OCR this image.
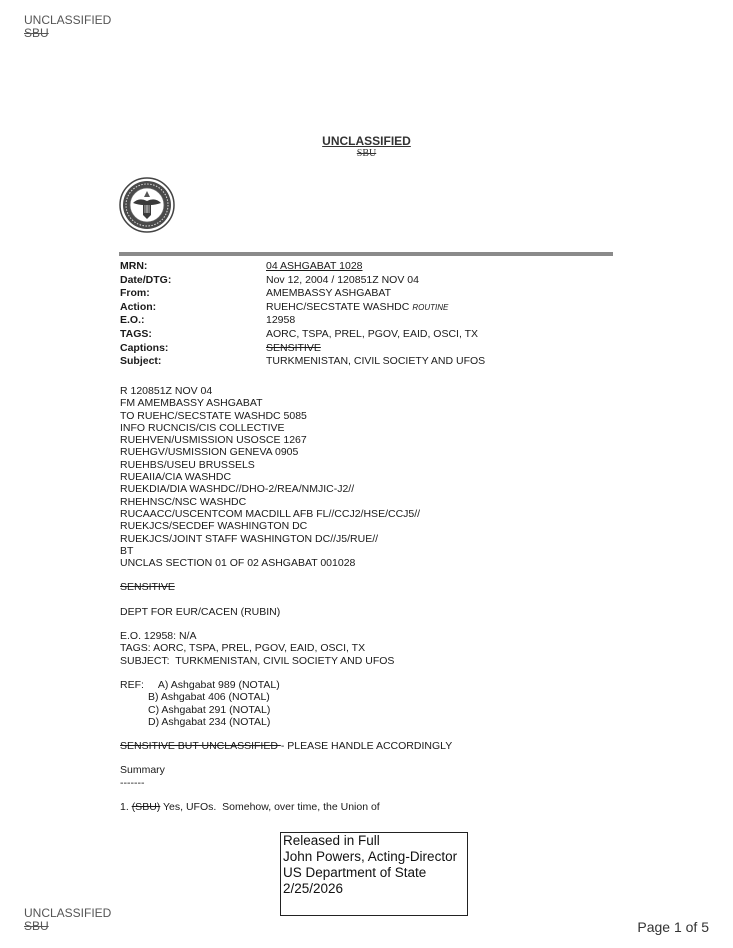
UNCLASSIFIED
SBU
UNCLASSIFIED
SBU
MRN:	04 ASHGABAT 1028
Date/DTG:	Nov 12, 2004 / 120851Z NOV 04
From:	AMEMBASSY ASHGABAT
Action:	RUEHC/SECSTATE WASHDC ROUTINE
E.O.:	12958
TAGS:	AORC, TSPA, PREL, PGOV, EAID, OSCI, TX
Captions:	SENSITIVE
Subject:	TURKMENISTAN, CIVIL SOCIETY AND UFOS
R 120851Z NOV 04
FM AMEMBASSY ASHGABAT
TO RUEHC/SECSTATE WASHDC 5085
INFO RUCNCIS/CIS COLLECTIVE
RUEHVEN/USMISSION USOSCE 1267
RUEHGV/USMISSION GENEVA 0905
RUEHBS/USEU BRUSSELS
RUEAIIA/CIA WASHDC
RUEKDIA/DIA WASHDC//DHO-2/REA/NMJIC-J2//
RHEHNSC/NSC WASHDC
RUCAACC/USCENTCOM MACDILL AFB FL//CCJ2/HSE/CCJ5//
RUEKJCS/SECDEF WASHINGTON DC
RUEKJCS/JOINT STAFF WASHINGTON DC//J5/RUE//
BT
UNCLAS SECTION 01 OF 02 ASHGABAT 001028
SENSITIVE
DEPT FOR EUR/CACEN (RUBIN)
E.O. 12958: N/A
TAGS: AORC, TSPA, PREL, PGOV, EAID, OSCI, TX
SUBJECT:  TURKMENISTAN, CIVIL SOCIETY AND UFOS
REF: A) Ashgabat 989 (NOTAL)
B) Ashgabat 406 (NOTAL)
C) Ashgabat 291 (NOTAL)
D) Ashgabat 234 (NOTAL)
SENSITIVE BUT UNCLASSIFIED - PLEASE HANDLE ACCORDINGLY
Summary
-------
1. (SBU) Yes, UFOs.  Somehow, over time, the Union of
Released in Full
John Powers, Acting-Director
US Department of State
2/25/2026
UNCLASSIFIED
SBU	Page 1 of 5
